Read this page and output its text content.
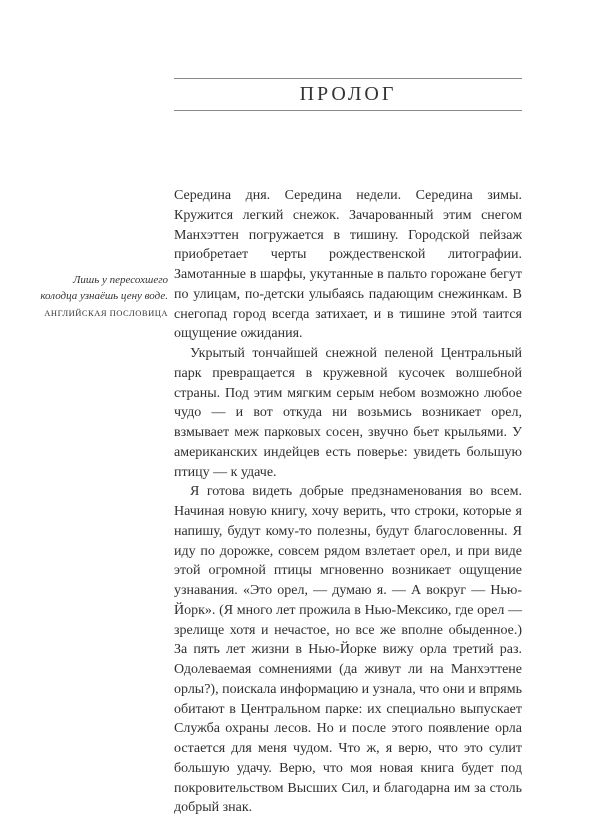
ПРОЛОГ
Лишь у пересохшего
колодца узнаёшь цену воде.
АНГЛИЙСКАЯ ПОСЛОВИЦА

Середина дня. Середина недели. Середина зимы. Кружится легкий снежок. Зачарованный этим снегом Манхэттен погружается в тишину. Городской пейзаж приобретает черты рождественской литографии. Замотанные в шарфы, укутанные в пальто горожане бегут по улицам, по-детски улыбаясь падающим снежинкам. В снегопад город всегда затихает, и в тишине этой таится ощущение ожидания.

Укрытый тончайшей снежной пеленой Центральный парк превращается в кружевной кусочек волшебной страны. Под этим мягким серым небом возможно любое чудо — и вот откуда ни возьмись возникает орел, взмывает меж парковых сосен, звучно бьет крыльями. У американских индейцев есть поверье: увидеть большую птицу — к удаче.

Я готова видеть добрые предзнаменования во всем. Начиная новую книгу, хочу верить, что строки, которые я напишу, будут кому-то полезны, будут благословенны. Я иду по дорожке, совсем рядом взлетает орел, и при виде этой огромной птицы мгновенно возникает ощущение узнавания. «Это орел, — думаю я. — А вокруг — Нью-Йорк». (Я много лет прожила в Нью-Мексико, где орел — зрелище хотя и нечастое, но все же вполне обыденное.) За пять лет жизни в Нью-Йорке вижу орла третий раз. Одолеваемая сомнениями (да живут ли на Манхэттене орлы?), поискала информацию и узнала, что они и впрямь обитают в Центральном парке: их специально выпускает Служба охраны лесов. Но и после этого появление орла остается для меня чудом. Что ж, я верю, что это сулит большую удачу. Верю, что моя новая книга будет под покровительством Высших Сил, и благодарна им за столь добрый знак.
